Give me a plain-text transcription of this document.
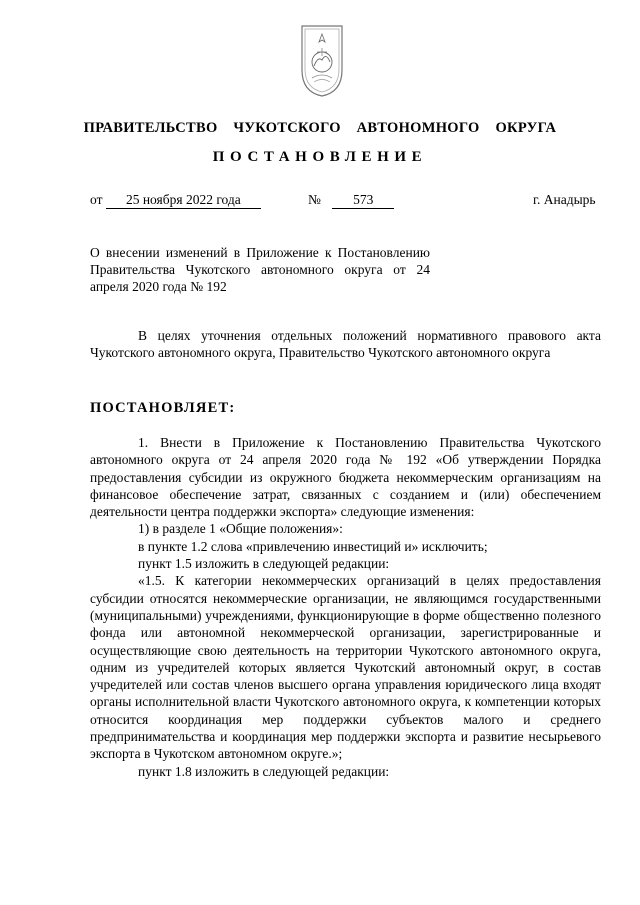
ПРАВИТЕЛЬСТВО  ЧУКОТСКОГО  АВТОНОМНОГО  ОКРУГА
ПОСТАНОВЛЕНИЕ
от 25 ноября 2022 года	№ 573	г. Анадырь
О внесении изменений в Приложение к Постановлению Правительства Чукотского автономного округа от 24 апреля 2020 года № 192

В целях уточнения отдельных положений нормативного правового акта Чукотского автономного округа, Правительство Чукотского автономного округа

ПОСТАНОВЛЯЕТ:

1. Внести в Приложение к Постановлению Правительства Чукотского автономного округа от 24 апреля 2020 года № 192 «Об утверждении Порядка предоставления субсидии из окружного бюджета некоммерческим организациям на финансовое обеспечение затрат, связанных с созданием и (или) обеспечением деятельности центра поддержки экспорта» следующие изменения:

1) в разделе 1 «Общие положения»:

в пункте 1.2 слова «привлечению инвестиций и» исключить;

пункт 1.5 изложить в следующей редакции:

«1.5. К категории некоммерческих организаций в целях предоставления субсидии относятся некоммерческие организации, не являющимся государственными (муниципальными) учреждениями, функционирующие в форме общественно полезного фонда или автономной некоммерческой организации, зарегистрированные и осуществляющие свою деятельность на территории Чукотского автономного округа, одним из учредителей которых является Чукотский автономный округ, в состав учредителей или состав членов высшего органа управления юридического лица входят органы исполнительной власти Чукотского автономного округа, к компетенции которых относится координация мер поддержки субъектов малого и среднего предпринимательства и координация мер поддержки экспорта и развитие несырьевого экспорта в Чукотском автономном округе.»;

пункт 1.8 изложить в следующей редакции:
